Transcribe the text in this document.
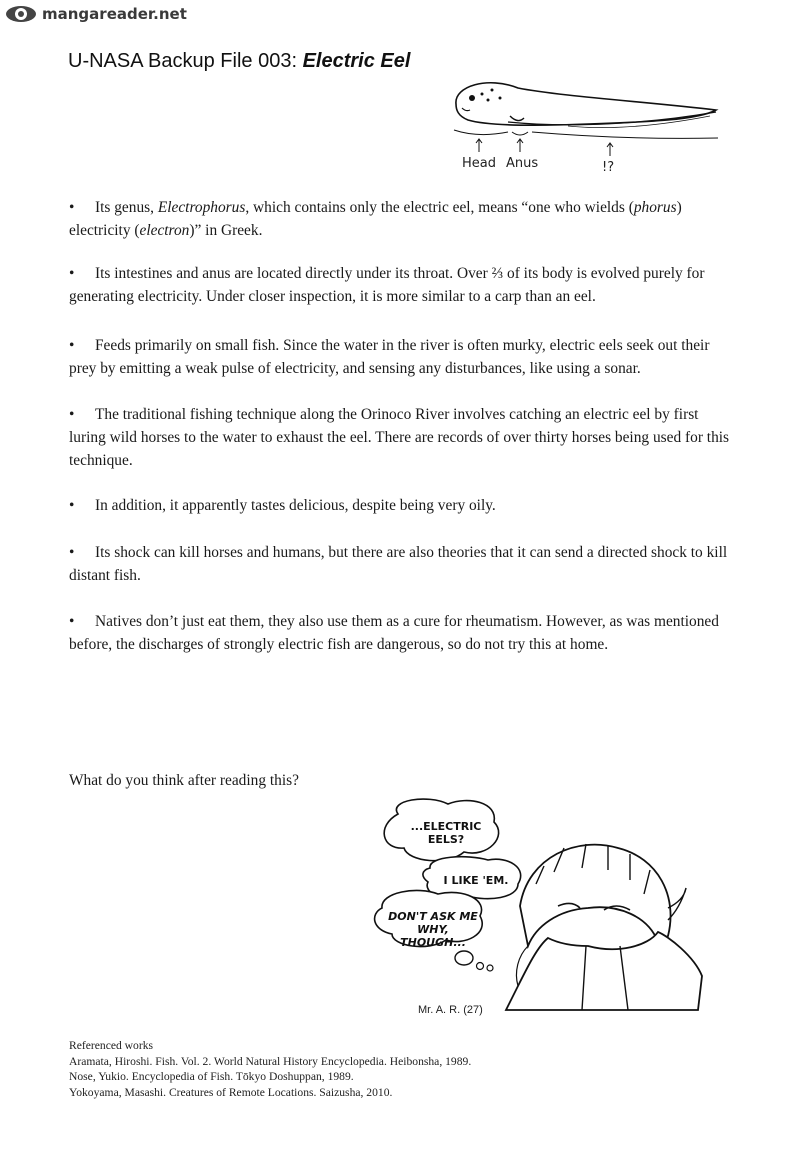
mangareader.net
U-NASA Backup File 003: Electric Eel
Head Anus	!?

• Its genus, Electrophorus, which contains only the electric eel, means “one who wields (phorus) electricity (electron)” in Greek.

• Its intestines and anus are located directly under its throat. Over ⅔ of its body is evolved purely for generating electricity. Under closer inspection, it is more similar to a carp than an eel.

• Feeds primarily on small fish. Since the water in the river is often murky, electric eels seek out their prey by emitting a weak pulse of electricity, and sensing any disturbances, like using a sonar.

• The traditional fishing technique along the Orinoco River involves catching an electric eel by first luring wild horses to the water to exhaust the eel. There are records of over thirty horses being used for this technique.

• In addition, it apparently tastes delicious, despite being very oily.

• Its shock can kill horses and humans, but there are also theories that it can send a directed shock to kill distant fish.

• Natives don’t just eat them, they also use them as a cure for rheumatism. However, as was mentioned before, the discharges of strongly electric fish are dangerous, so do not try this at home.

What do you think after reading this?
...ELECTRIC EELS?
I LIKE 'EM.
DON'T ASK ME WHY, THOUGH...
Mr. A. R. (27)
Referenced works
Aramata, Hiroshi. Fish. Vol. 2. World Natural History Encyclopedia. Heibonsha, 1989.
Nose, Yukio. Encyclopedia of Fish. Tōkyo Doshuppan, 1989.
Yokoyama, Masashi. Creatures of Remote Locations. Saizusha, 2010.
